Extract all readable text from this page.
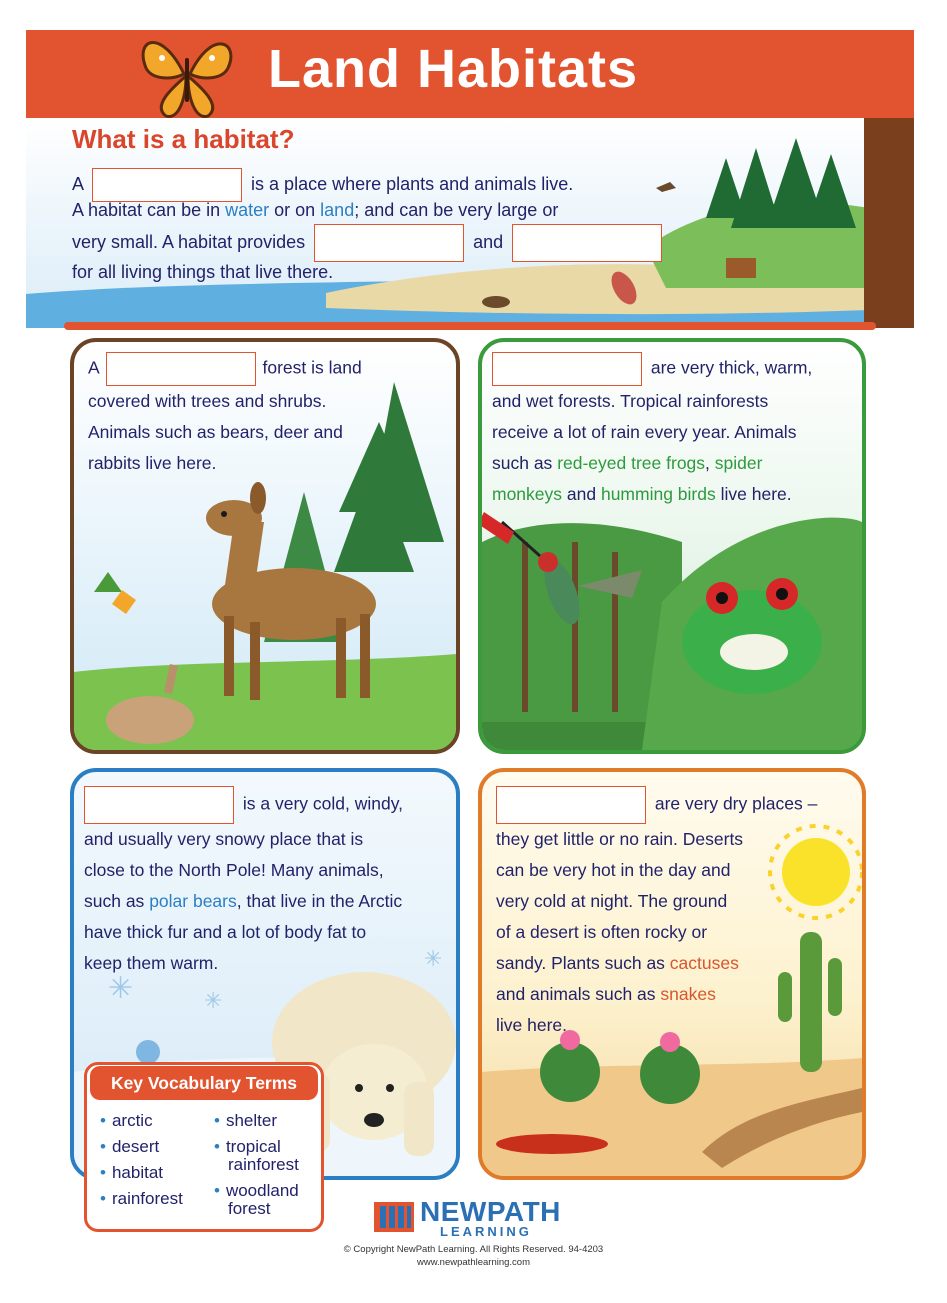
Land Habitats
What is a habitat?
A	is a place where plants and animals live.
A habitat can be in water or on land; and can be very large or
very small. A habitat provides	and
for all living things that live there.
A	forest is land
covered with trees and shrubs.
Animals such as bears, deer and
rabbits live here.
are very thick, warm,
and wet forests. Tropical rainforests
receive a lot of rain every year. Animals
such as red-eyed tree frogs, spider
monkeys and humming birds live here.
✳	✳
✳
is a very cold, windy,
and usually very snowy place that is
close to the North Pole! Many animals,
such as polar bears, that live in the Arctic
have thick fur and a lot of body fat to
keep them warm.
are very dry places –
they get little or no rain. Deserts
can be very hot in the day and
very cold at night. The ground
of a desert is often rocky or
sandy. Plants such as cactuses
and animals such as snakes
live here.
Key Vocabulary Terms
• arctic
• desert
• habitat
• rainforest
• shelter
• tropical
rainforest
• woodland
forest	NEWPATH
LEARNING
© Copyright NewPath Learning. All Rights Reserved. 94-4203
www.newpathlearning.com
